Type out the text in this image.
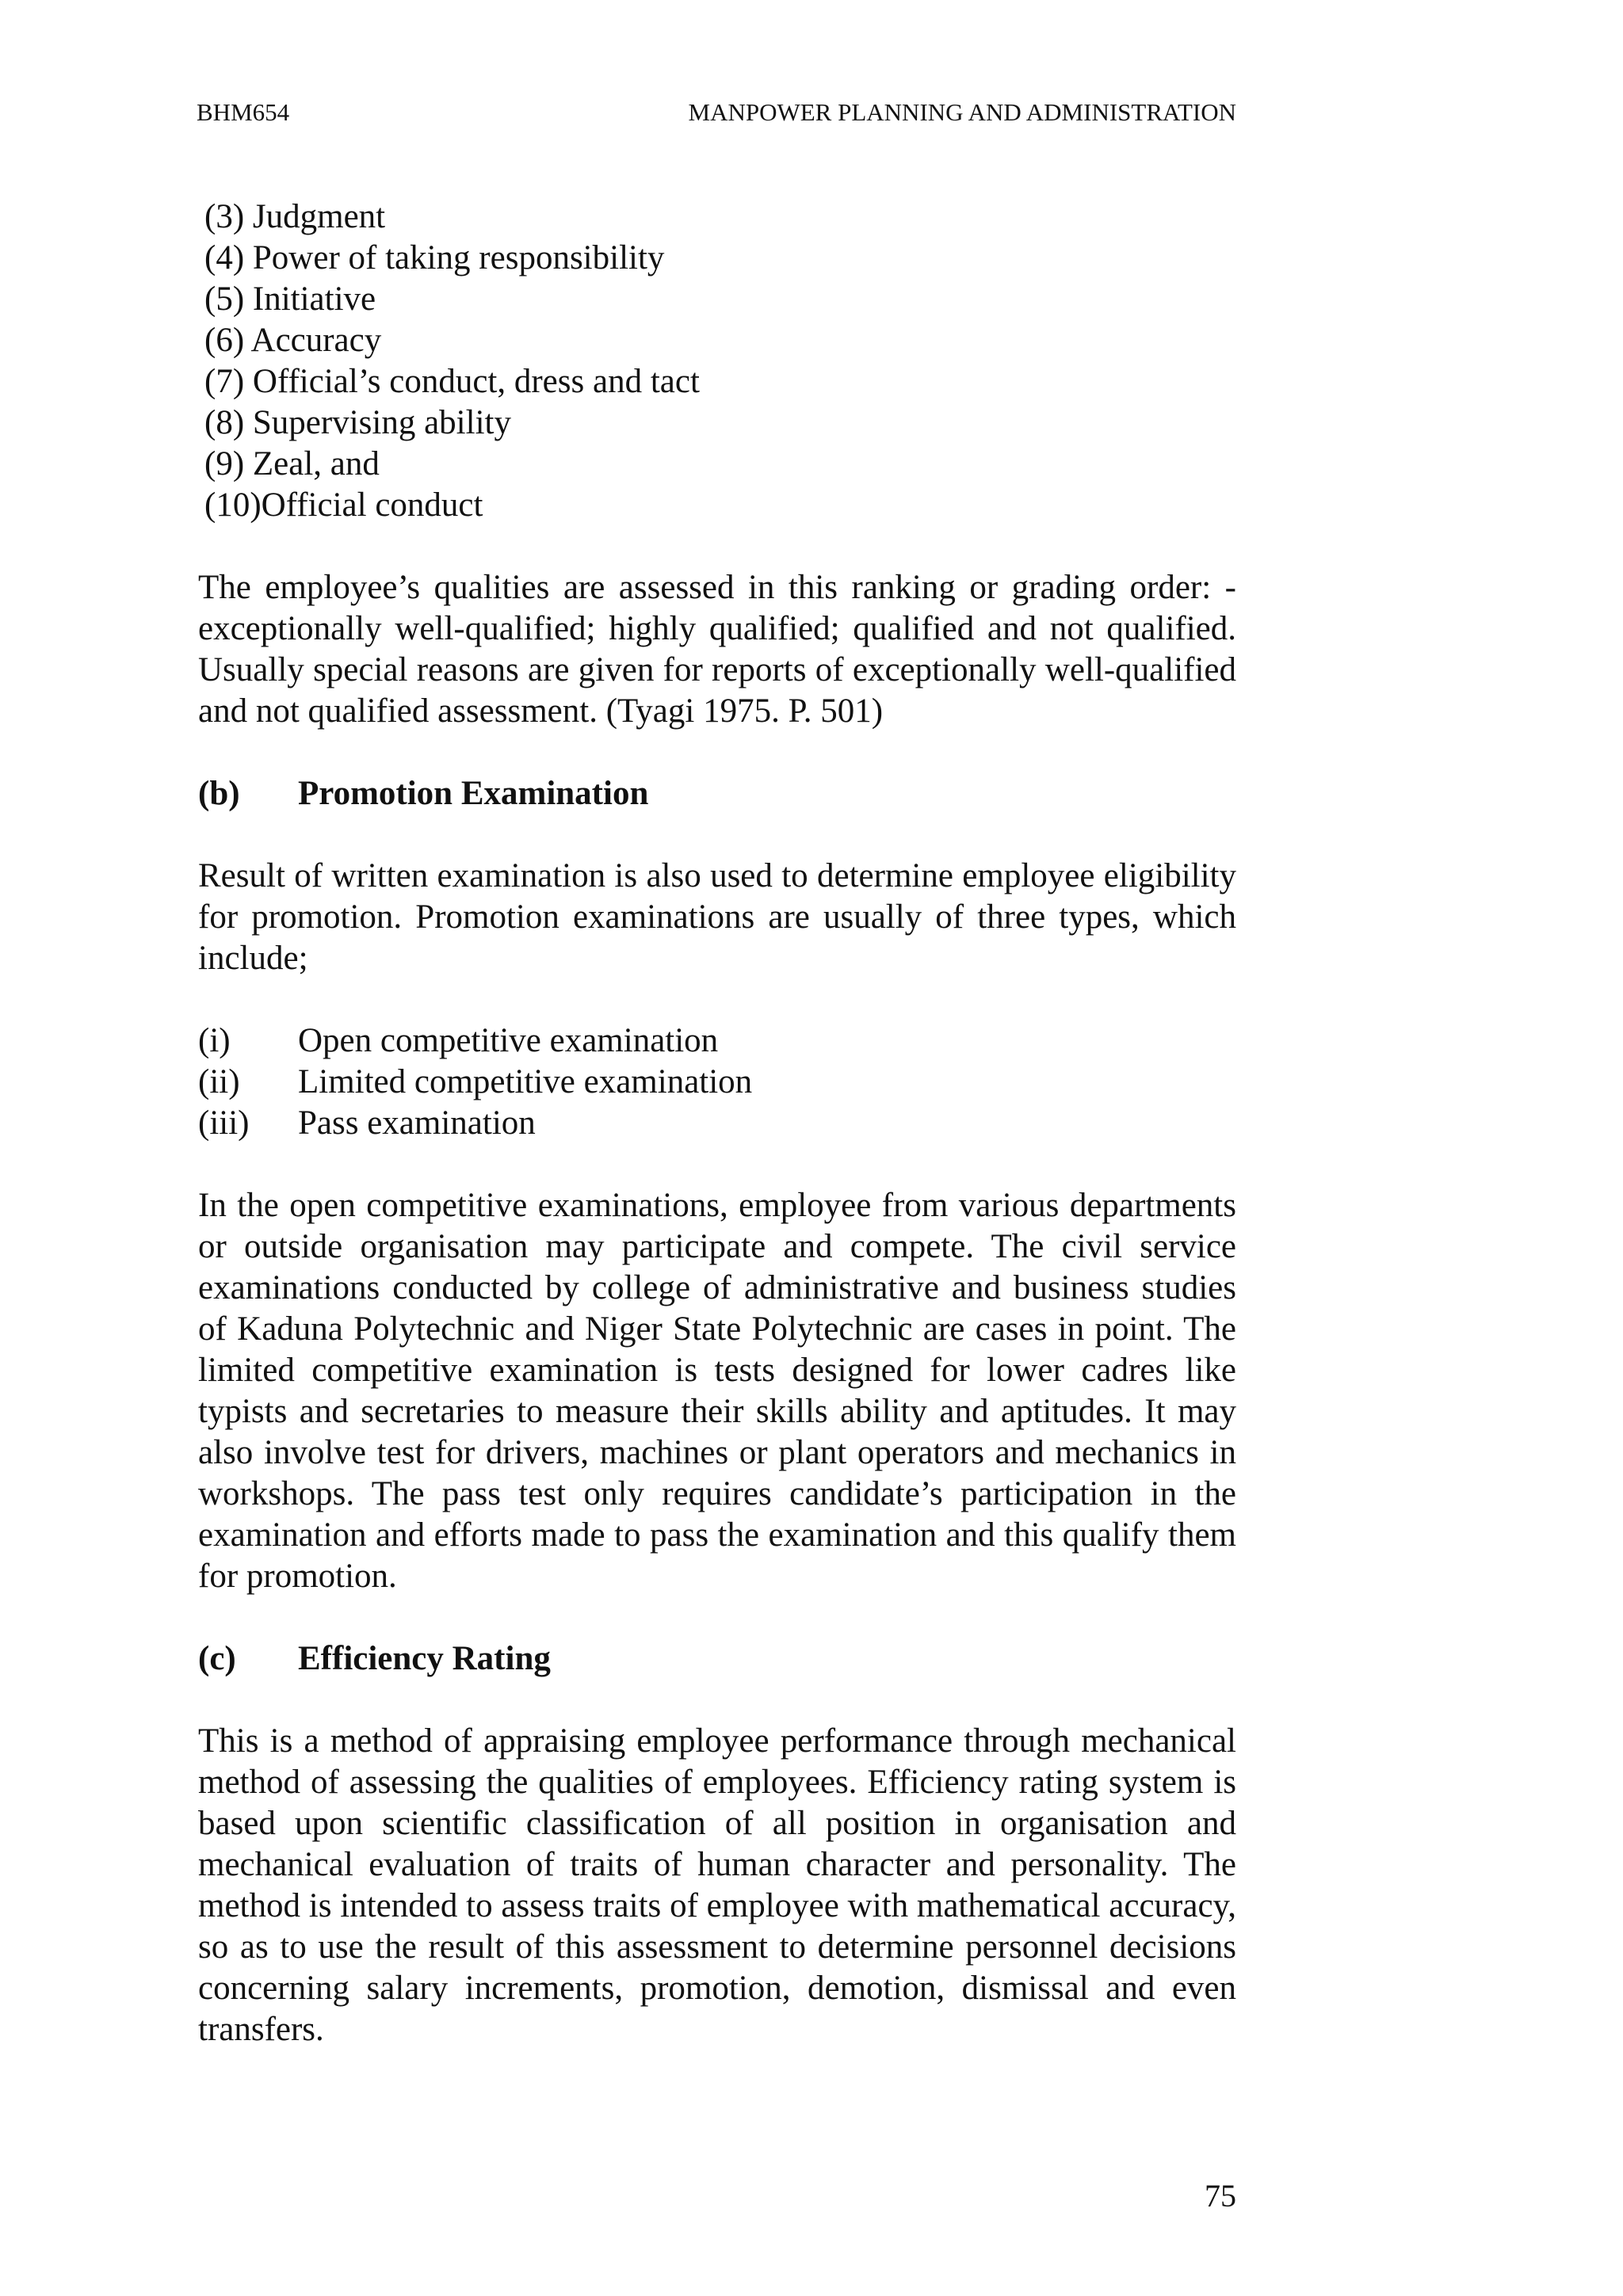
BHM654	MANPOWER PLANNING AND ADMINISTRATION
(3) Judgment
(4) Power of taking responsibility
(5) Initiative
(6) Accuracy
(7) Official’s conduct, dress and tact
(8) Supervising ability
(9) Zeal, and
(10)Official conduct

The employee’s qualities are assessed in this ranking or grading order: - exceptionally well-qualified; highly qualified; qualified and not qualified. Usually special reasons are given for reports of exceptionally well-qualified and not qualified assessment. (Tyagi 1975. P. 501)

(b)	Promotion Examination

Result of written examination is also used to determine employee eligibility for promotion. Promotion examinations are usually of three types, which include;

(i)	Open competitive examination
(ii)	Limited competitive examination
(iii)	Pass examination

In the open competitive examinations, employee from various departments or outside organisation may participate and compete. The civil service examinations conducted by college of administrative and business studies of Kaduna Polytechnic and Niger State Polytechnic are cases in point. The limited competitive examination is tests designed for lower cadres like typists and secretaries to measure their skills ability and aptitudes. It may also involve test for drivers, machines or plant operators and mechanics in workshops. The pass test only requires candidate’s participation in the examination and efforts made to pass the examination and this qualify them for promotion.

(c)	Efficiency Rating

This is a method of appraising employee performance through mechanical method of assessing the qualities of employees. Efficiency rating system is based upon scientific classification of all position in organisation and mechanical evaluation of traits of human character and personality. The method is intended to assess traits of employee with mathematical accuracy, so as to use the result of this assessment to determine personnel decisions concerning salary increments, promotion, demotion, dismissal and even transfers.

75
